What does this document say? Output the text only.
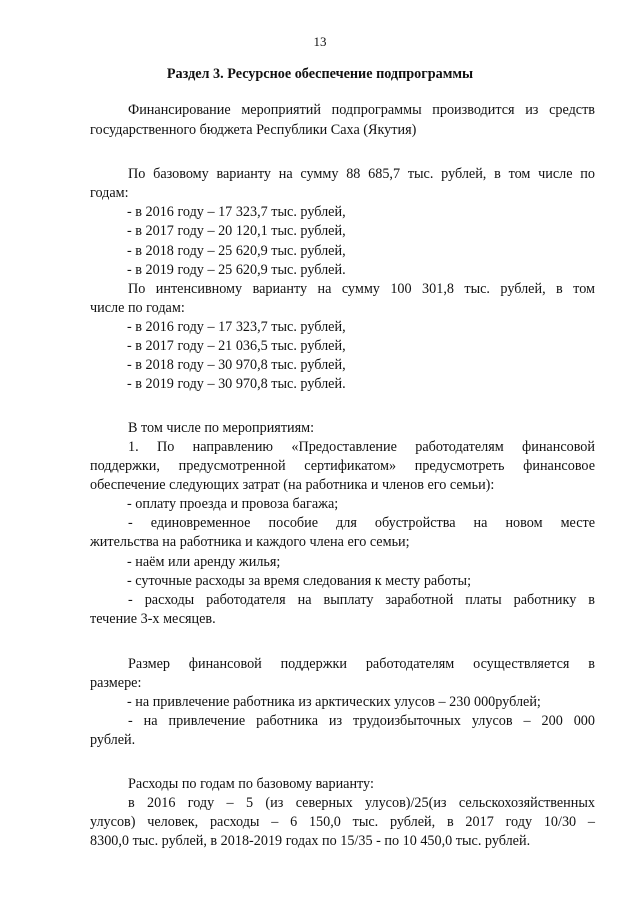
13
Раздел 3. Ресурсное обеспечение подпрограммы
Финансирование мероприятий подпрограммы производится из средств
государственного бюджета Республики Саха (Якутия)
По базовому варианту на сумму 88 685,7 тыс. рублей, в том числе по
годам:
- в 2016 году – 17 323,7 тыс. рублей,
- в 2017 году – 20 120,1 тыс. рублей,
- в 2018 году – 25 620,9 тыс. рублей,
- в 2019 году – 25 620,9 тыс. рублей.
По интенсивному варианту на сумму 100 301,8 тыс. рублей, в том
числе по годам:
- в 2016 году – 17 323,7 тыс. рублей,
- в 2017 году – 21 036,5 тыс. рублей,
- в 2018 году – 30 970,8 тыс. рублей,
- в 2019 году – 30 970,8 тыс. рублей.
В том числе по мероприятиям:
1. По направлению «Предоставление работодателям финансовой
поддержки, предусмотренной сертификатом» предусмотреть финансовое
обеспечение следующих затрат (на работника и членов его семьи):
- оплату проезда и провоза багажа;
- единовременное пособие для обустройства на новом месте
жительства на работника и каждого члена его семьи;
- наём или аренду жилья;
- суточные расходы за время следования к месту работы;
- расходы работодателя на выплату заработной платы работнику в
течение 3-х месяцев.
Размер финансовой поддержки работодателям осуществляется в
размере:
- на привлечение работника из арктических улусов – 230 000рублей;
- на привлечение работника из трудоизбыточных улусов – 200 000
рублей.
Расходы по годам по базовому варианту:
в 2016 году – 5 (из северных улусов)/25(из сельскохозяйственных
улусов) человек, расходы – 6 150,0 тыс. рублей, в 2017 году 10/30 –
8300,0 тыс. рублей, в 2018-2019 годах по 15/35 - по 10 450,0 тыс. рублей.
